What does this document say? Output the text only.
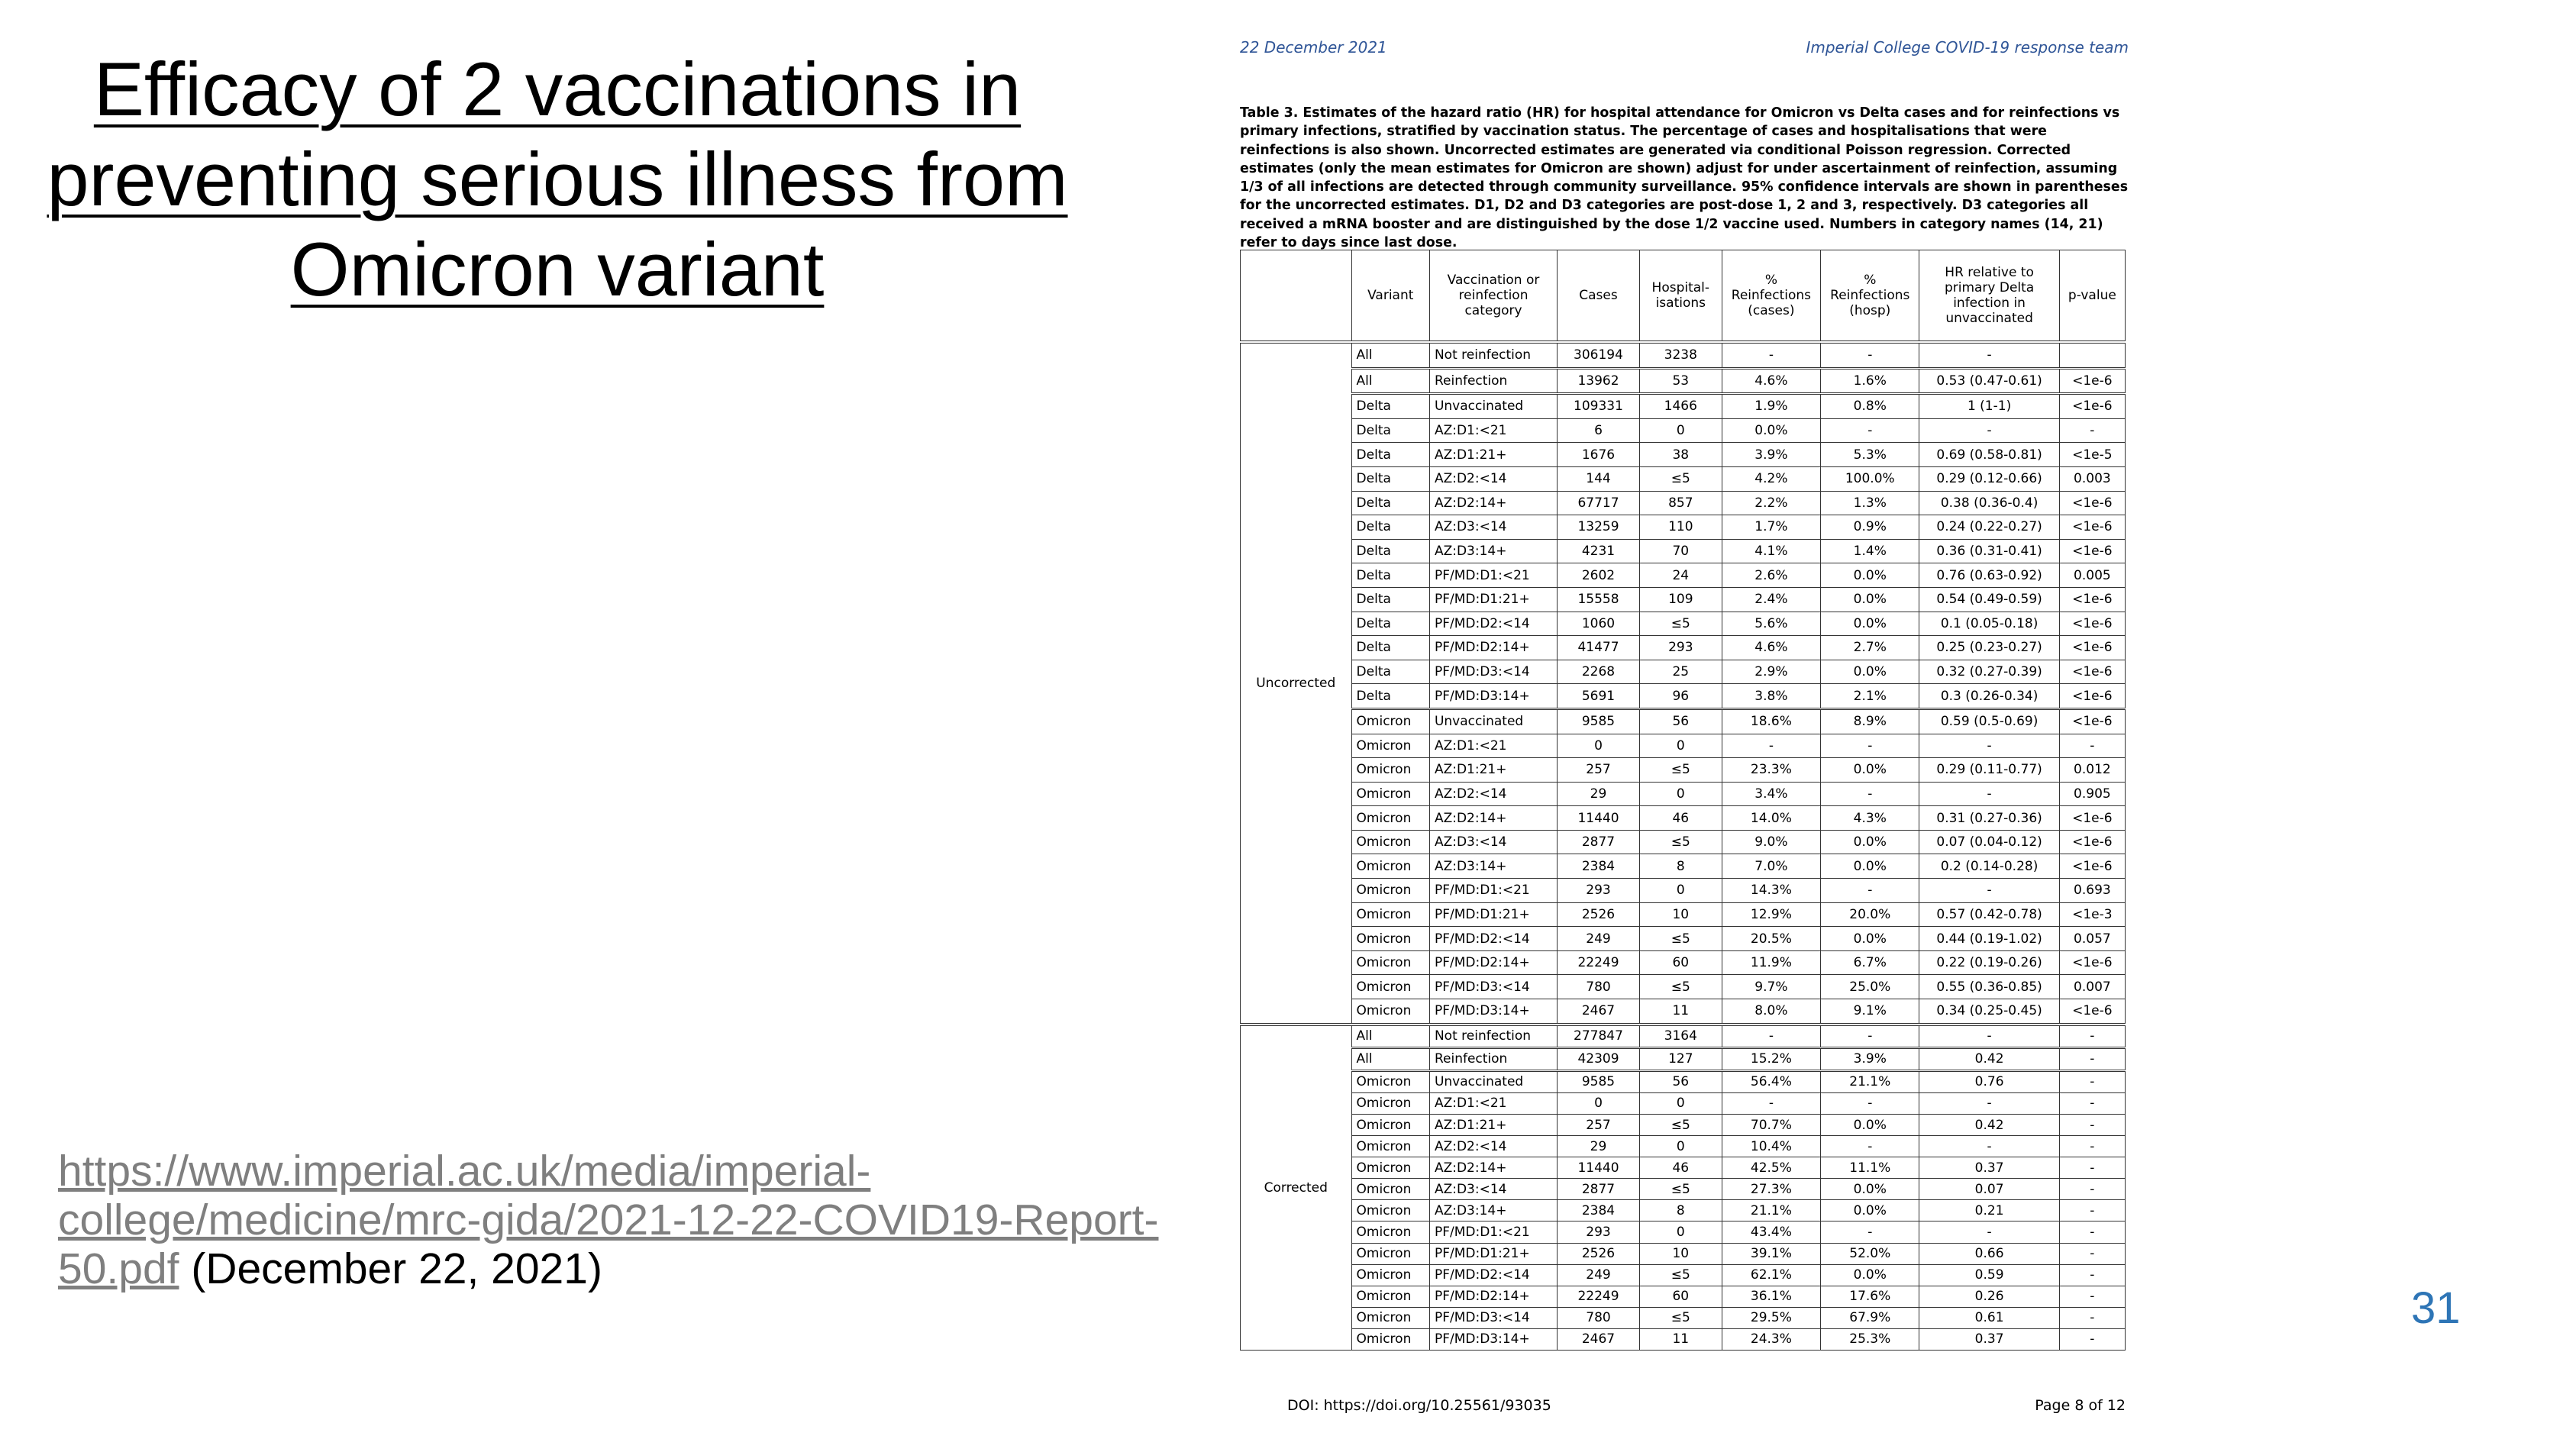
Efficacy of 2 vaccinations in preventing serious illness from Omicron variant
https://www.imperial.ac.uk/media/imperial-college/medicine/mrc-gida/2021-12-22-COVID19-Report-50.pdf (December 22, 2021)
31
22 December 2021	Imperial College COVID-19 response team
Table 3. Estimates of the hazard ratio (HR) for hospital attendance for Omicron vs Delta cases and for reinfections vs primary infections, stratified by vaccination status. The percentage of cases and hospitalisations that were reinfections is also shown. Uncorrected estimates are generated via conditional Poisson regression. Corrected estimates (only the mean estimates for Omicron are shown) adjust for under ascertainment of reinfection, assuming 1/3 of all infections are detected through community surveillance. 95% confidence intervals are shown in parentheses for the uncorrected estimates. D1, D2 and D3 categories are post-dose 1, 2 and 3, respectively. D3 categories all received a mRNA booster and are distinguished by the dose 1/2 vaccine used. Numbers in category names (14, 21) refer to days since last dose.
	Variant	Vaccination or reinfection category	Cases	Hospital-isations	% Reinfections (cases)	% Reinfections (hosp)	HR relative to primary Delta infection in unvaccinated	p-value
Uncorrected	All	Not reinfection	306194	3238	-	-	-	
	All	Reinfection	13962	53	4.6%	1.6%	0.53 (0.47-0.61)	<1e-6
	Delta	Unvaccinated	109331	1466	1.9%	0.8%	1 (1-1)	<1e-6
	Delta	AZ:D1:<21	6	0	0.0%	-	-	-
	Delta	AZ:D1:21+	1676	38	3.9%	5.3%	0.69 (0.58-0.81)	<1e-5
	Delta	AZ:D2:<14	144	≤5	4.2%	100.0%	0.29 (0.12-0.66)	0.003
	Delta	AZ:D2:14+	67717	857	2.2%	1.3%	0.38 (0.36-0.4)	<1e-6
	Delta	AZ:D3:<14	13259	110	1.7%	0.9%	0.24 (0.22-0.27)	<1e-6
	Delta	AZ:D3:14+	4231	70	4.1%	1.4%	0.36 (0.31-0.41)	<1e-6
	Delta	PF/MD:D1:<21	2602	24	2.6%	0.0%	0.76 (0.63-0.92)	0.005
	Delta	PF/MD:D1:21+	15558	109	2.4%	0.0%	0.54 (0.49-0.59)	<1e-6
	Delta	PF/MD:D2:<14	1060	≤5	5.6%	0.0%	0.1 (0.05-0.18)	<1e-6
	Delta	PF/MD:D2:14+	41477	293	4.6%	2.7%	0.25 (0.23-0.27)	<1e-6
	Delta	PF/MD:D3:<14	2268	25	2.9%	0.0%	0.32 (0.27-0.39)	<1e-6
	Delta	PF/MD:D3:14+	5691	96	3.8%	2.1%	0.3 (0.26-0.34)	<1e-6
	Omicron	Unvaccinated	9585	56	18.6%	8.9%	0.59 (0.5-0.69)	<1e-6
	Omicron	AZ:D1:<21	0	0	-	-	-	-
	Omicron	AZ:D1:21+	257	≤5	23.3%	0.0%	0.29 (0.11-0.77)	0.012
	Omicron	AZ:D2:<14	29	0	3.4%	-	-	0.905
	Omicron	AZ:D2:14+	11440	46	14.0%	4.3%	0.31 (0.27-0.36)	<1e-6
	Omicron	AZ:D3:<14	2877	≤5	9.0%	0.0%	0.07 (0.04-0.12)	<1e-6
	Omicron	AZ:D3:14+	2384	8	7.0%	0.0%	0.2 (0.14-0.28)	<1e-6
	Omicron	PF/MD:D1:<21	293	0	14.3%	-	-	0.693
	Omicron	PF/MD:D1:21+	2526	10	12.9%	20.0%	0.57 (0.42-0.78)	<1e-3
	Omicron	PF/MD:D2:<14	249	≤5	20.5%	0.0%	0.44 (0.19-1.02)	0.057
	Omicron	PF/MD:D2:14+	22249	60	11.9%	6.7%	0.22 (0.19-0.26)	<1e-6
	Omicron	PF/MD:D3:<14	780	≤5	9.7%	25.0%	0.55 (0.36-0.85)	0.007
	Omicron	PF/MD:D3:14+	2467	11	8.0%	9.1%	0.34 (0.25-0.45)	<1e-6
Corrected	All	Not reinfection	277847	3164	-	-	-	-
	All	Reinfection	42309	127	15.2%	3.9%	0.42	-
	Omicron	Unvaccinated	9585	56	56.4%	21.1%	0.76	-
	Omicron	AZ:D1:<21	0	0	-	-	-	-
	Omicron	AZ:D1:21+	257	≤5	70.7%	0.0%	0.42	-
	Omicron	AZ:D2:<14	29	0	10.4%	-	-	-
	Omicron	AZ:D2:14+	11440	46	42.5%	11.1%	0.37	-
	Omicron	AZ:D3:<14	2877	≤5	27.3%	0.0%	0.07	-
	Omicron	AZ:D3:14+	2384	8	21.1%	0.0%	0.21	-
	Omicron	PF/MD:D1:<21	293	0	43.4%	-	-	-
	Omicron	PF/MD:D1:21+	2526	10	39.1%	52.0%	0.66	-
	Omicron	PF/MD:D2:<14	249	≤5	62.1%	0.0%	0.59	-
	Omicron	PF/MD:D2:14+	22249	60	36.1%	17.6%	0.26	-
	Omicron	PF/MD:D3:<14	780	≤5	29.5%	67.9%	0.61	-
	Omicron	PF/MD:D3:14+	2467	11	24.3%	25.3%	0.37	-
DOI: https://doi.org/10.25561/93035	Page 8 of 12
